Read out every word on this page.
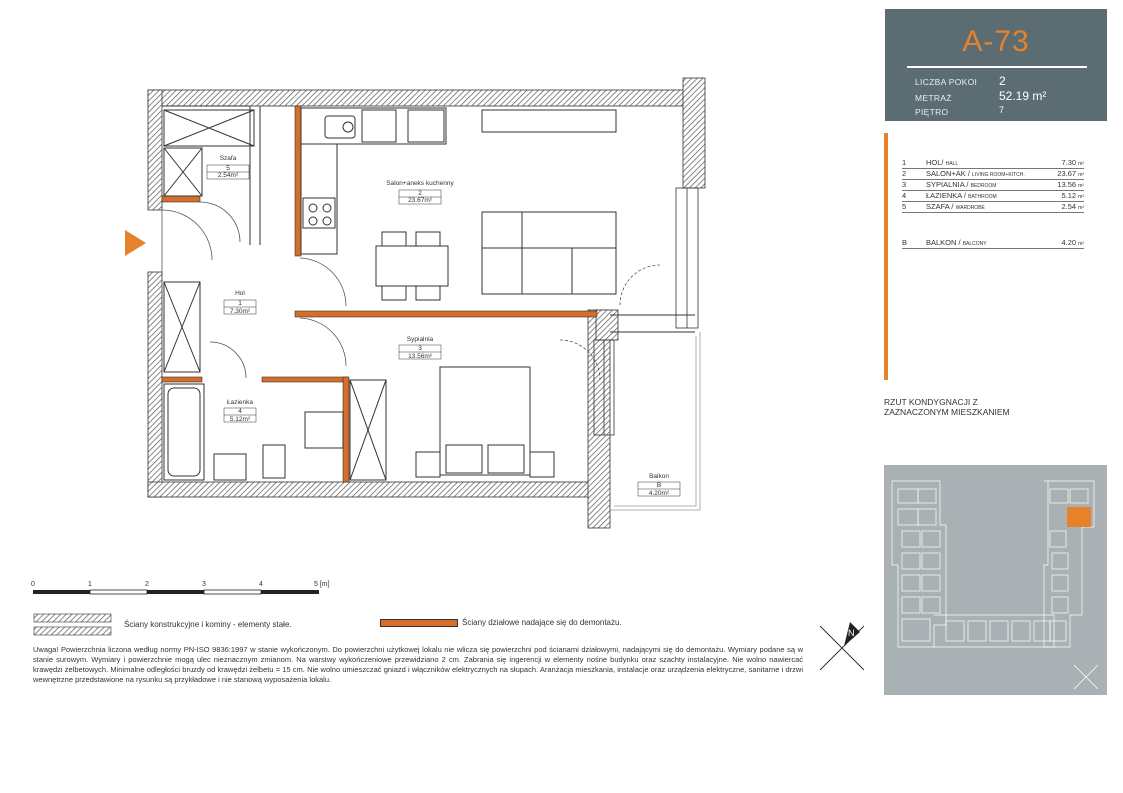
Szafa
5
2.54m²
Salon+aneks kuchenny
2
23.67m²
Hol
1
7.30m²
Sypialnia
3
13.56m²
Łazienka
4
5.12m²
Balkon
B
4.20m²
0	1	2	3	4	5 [m]
Ściany konstrukcyjne i kominy - elementy stałe.	Ściany działowe nadające się do demontażu.
Uwaga! Powierzchnia liczona według normy PN-ISO 9836:1997 w stanie wykończonym. Do powierzchni użytkowej lokalu nie wlicza się powierzchni pod ścianami działowymi, nadającymi się do demontażu. Wymiary podane są w stanie surowym. Wymiary i powierzchnie mogą ulec nieznacznym zmianom. Na warstwy wykończeniowe przewidziano 2 cm. Zabrania się ingerencji w elementy nośne budynku oraz szachty instalacyjne. Nie wolno nawiercać krawędzi żelbetowych. Minimalne odległości bruzdy od krawędzi żelbetu = 15 cm. Nie wolno umieszczać gniazd i włączników elektrycznych na słupach. Aranżacja mieszkania, instalacje oraz urządzenia elektryczne, sanitarne i drzwi wewnętrzne przedstawione na rysunku są przykładowe i nie stanową wyposażenia lokalu.
N
A-73
LICZBA POKOI 2
METRAŻ	52.19 m²
PIĘTRO	7
1	HOL/ HALL	7.30 m²
2	SALON+AK / LIVING ROOM+KITCH.	23.67 m²
3	SYPIALNIA / BEDROOM	13.56 m²
4	ŁAZIENKA / BATHROOM	5.12 m²
5	SZAFA / WARDROBE	2.54 m²
B	BALKON / BALCONY	4.20 m²
RZUT KONDYGNACJI Z
ZAZNACZONYM MIESZKANIEM
